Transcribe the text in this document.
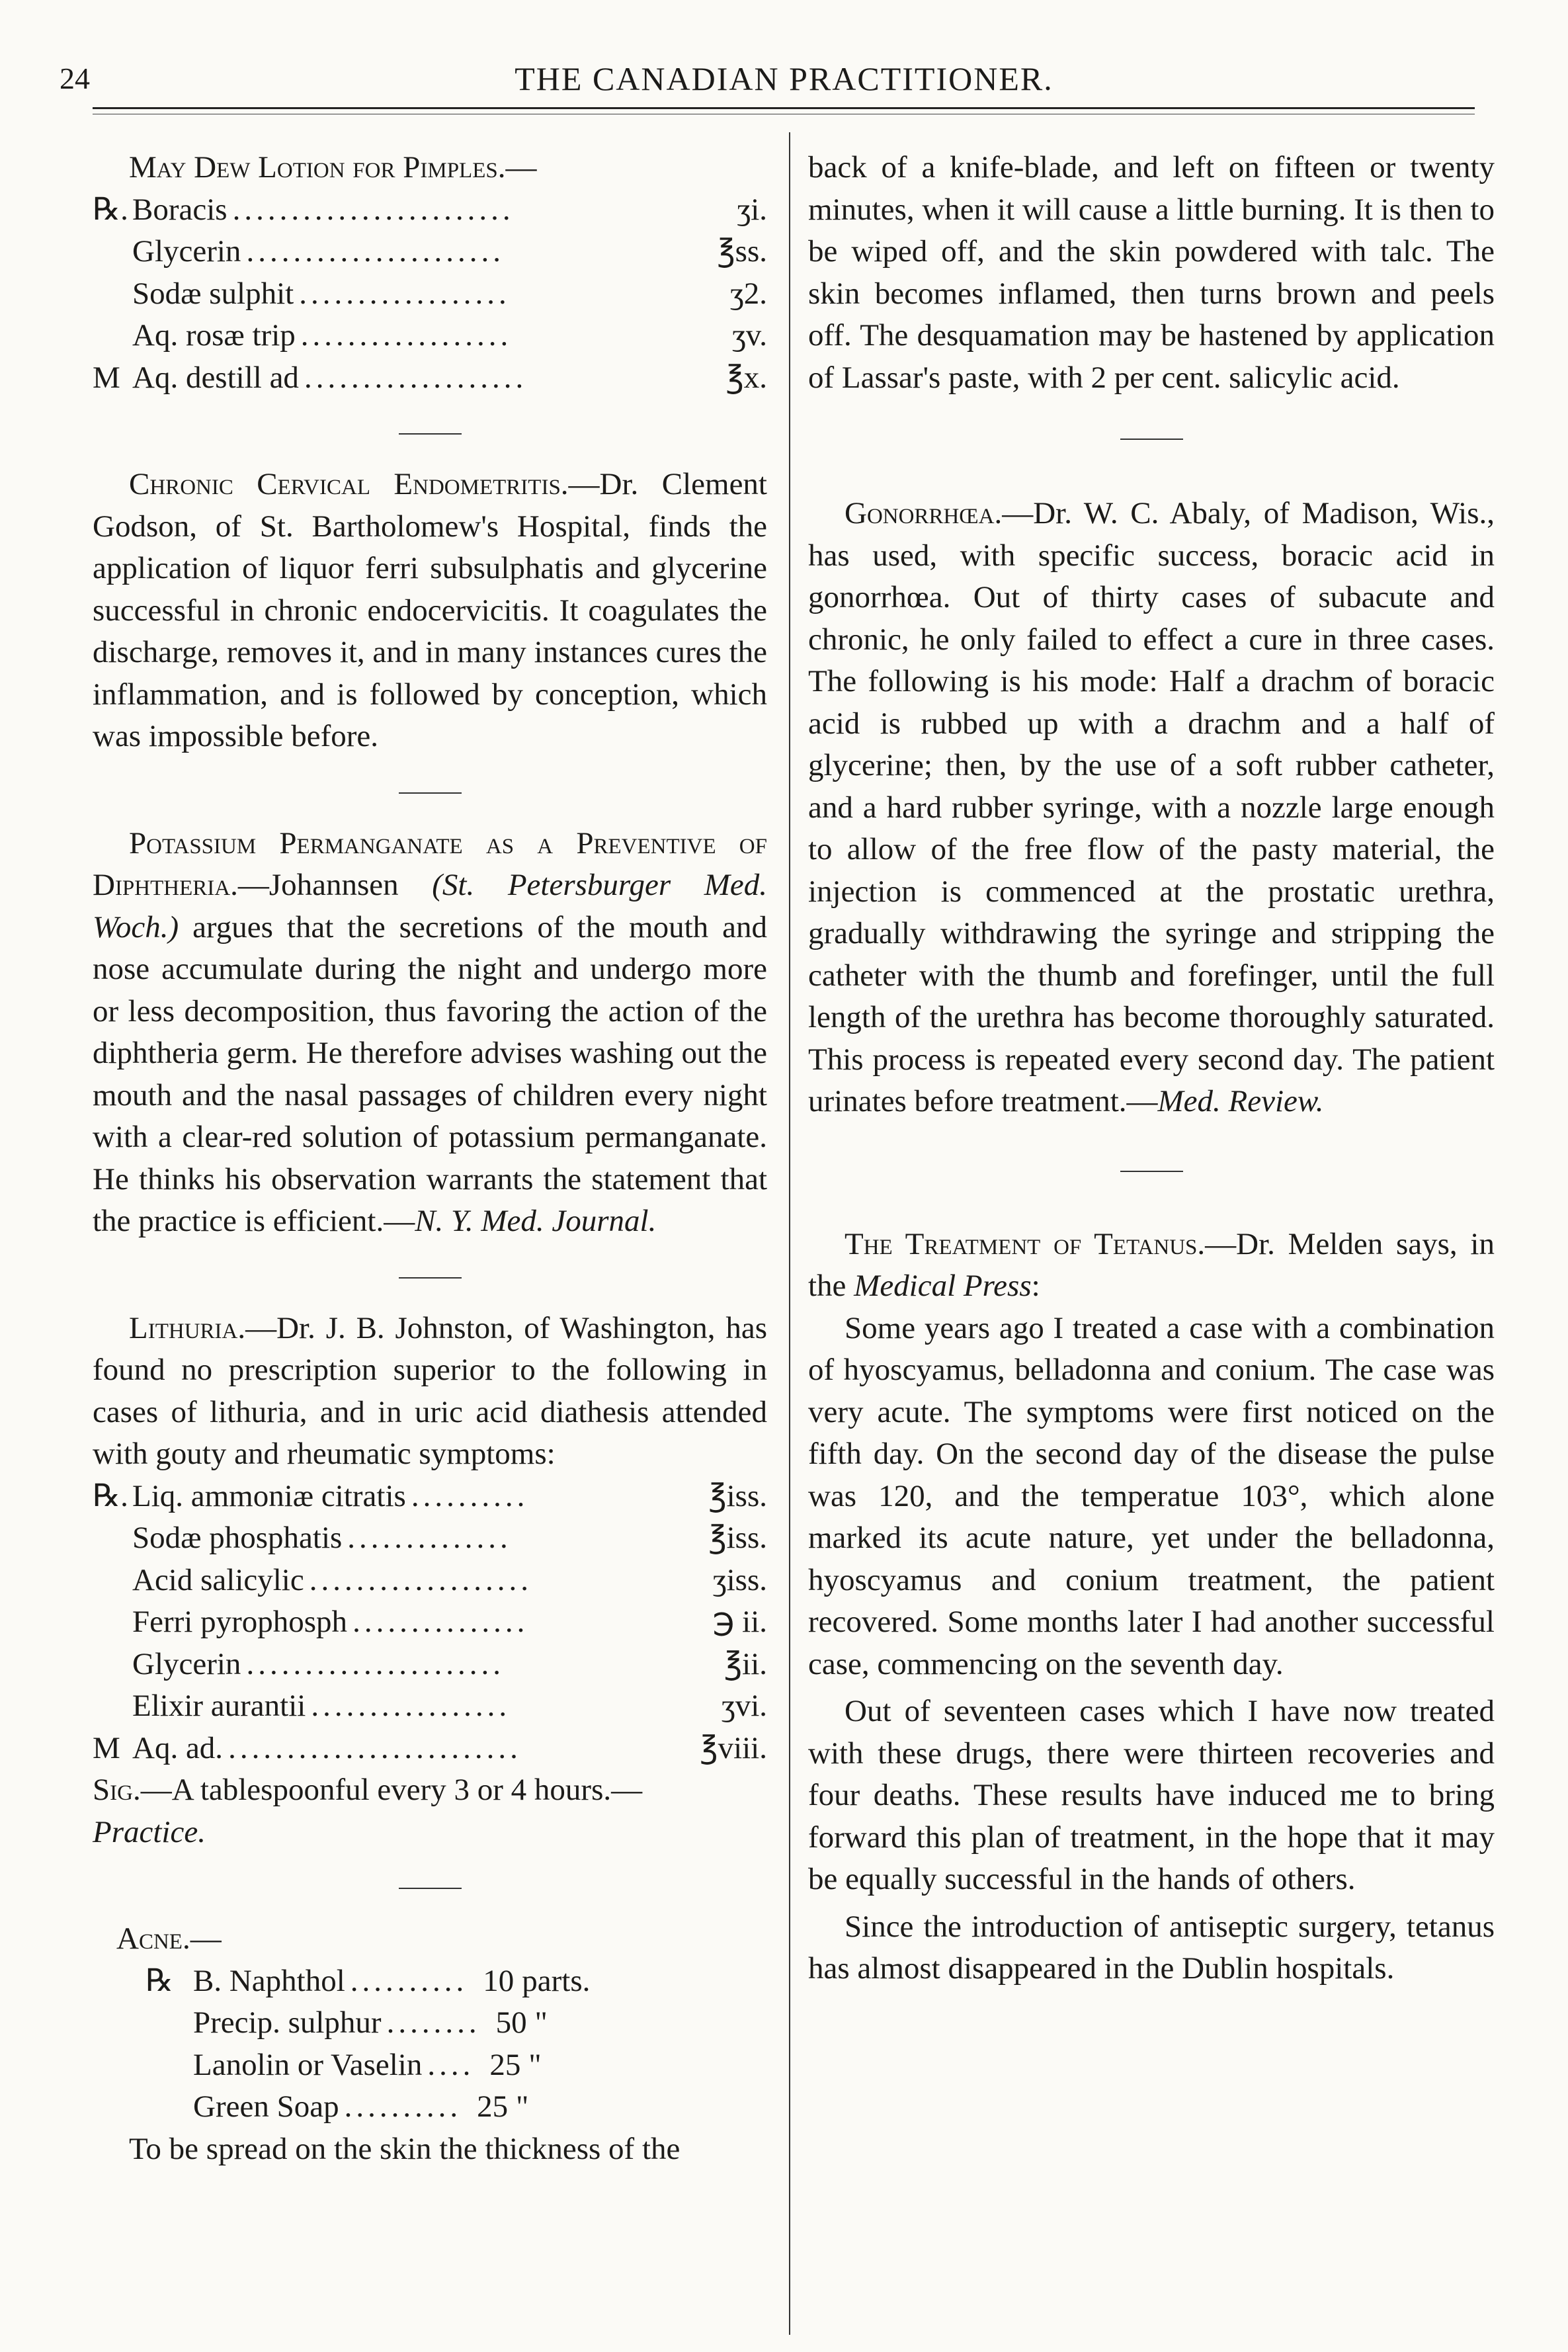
24	THE CANADIAN PRACTITIONER.

May Dew Lotion for Pimples.—

℞. Boracis ........................	ʒi.
Glycerin ......................	℥ss.
Sodæ sulphit ..................	ʒ2.
Aq. rosæ trip ..................	ʒv.
M Aq. destill ad ...................	℥x.

Chronic Cervical Endometritis.—Dr. Clement Godson, of St. Bartholomew's Hospital, finds the application of liquor ferri subsulphatis and glycerine successful in chronic endocervicitis. It coagulates the discharge, removes it, and in many instances cures the inflammation, and is followed by conception, which was impossible before.

Potassium Permanganate as a Preventive of Diphtheria.—Johannsen (St. Petersburger Med. Woch.) argues that the secretions of the mouth and nose accumulate during the night and undergo more or less decomposition, thus favoring the action of the diphtheria germ. He therefore advises washing out the mouth and the nasal passages of children every night with a clear-red solution of potassium permanganate. He thinks his observation warrants the statement that the practice is efficient.—N. Y. Med. Journal.

Lithuria.—Dr. J. B. Johnston, of Washington, has found no prescription superior to the following in cases of lithuria, and in uric acid diathesis attended with gouty and rheumatic symptoms:

℞. Liq. ammoniæ citratis ..........	℥iss.
Sodæ phosphatis ..............	℥iss.
Acid salicylic ...................	ʒiss.
Ferri pyrophosph ...............	℈ ii.
Glycerin ......................	℥ii.
Elixir aurantii .................	ʒvi.
M Aq. ad. .........................	℥viii.

Sig.—A tablespoonful every 3 or 4 hours.—
Practice.

Acne.—

℞ B. Naphthol .......... 10 parts.
Precip. sulphur ........ 50 "
Lanolin or Vaselin .... 25 "
Green Soap .......... 25 "

To be spread on the skin the thickness of the

back of a knife-blade, and left on fifteen or twenty minutes, when it will cause a little burning. It is then to be wiped off, and the skin powdered with talc. The skin becomes inflamed, then turns brown and peels off. The desquamation may be hastened by application of Lassar's paste, with 2 per cent. salicylic acid.

Gonorrhœa.—Dr. W. C. Abaly, of Madison, Wis., has used, with specific success, boracic acid in gonorrhœa. Out of thirty cases of subacute and chronic, he only failed to effect a cure in three cases. The following is his mode: Half a drachm of boracic acid is rubbed up with a drachm and a half of glycerine; then, by the use of a soft rubber catheter, and a hard rubber syringe, with a nozzle large enough to allow of the free flow of the pasty material, the injection is commenced at the prostatic urethra, gradually withdrawing the syringe and stripping the catheter with the thumb and forefinger, until the full length of the urethra has become thoroughly saturated. This process is repeated every second day. The patient urinates before treatment.—Med. Review.

The Treatment of Tetanus.—Dr. Melden says, in the Medical Press:

Some years ago I treated a case with a combination of hyoscyamus, belladonna and conium. The case was very acute. The symptoms were first noticed on the fifth day. On the second day of the disease the pulse was 120, and the temperatue 103°, which alone marked its acute nature, yet under the belladonna, hyoscyamus and conium treatment, the patient recovered. Some months later I had another successful case, commencing on the seventh day.

Out of seventeen cases which I have now treated with these drugs, there were thirteen recoveries and four deaths. These results have induced me to bring forward this plan of treatment, in the hope that it may be equally successful in the hands of others.

Since the introduction of antiseptic surgery, tetanus has almost disappeared in the Dublin hospitals.
